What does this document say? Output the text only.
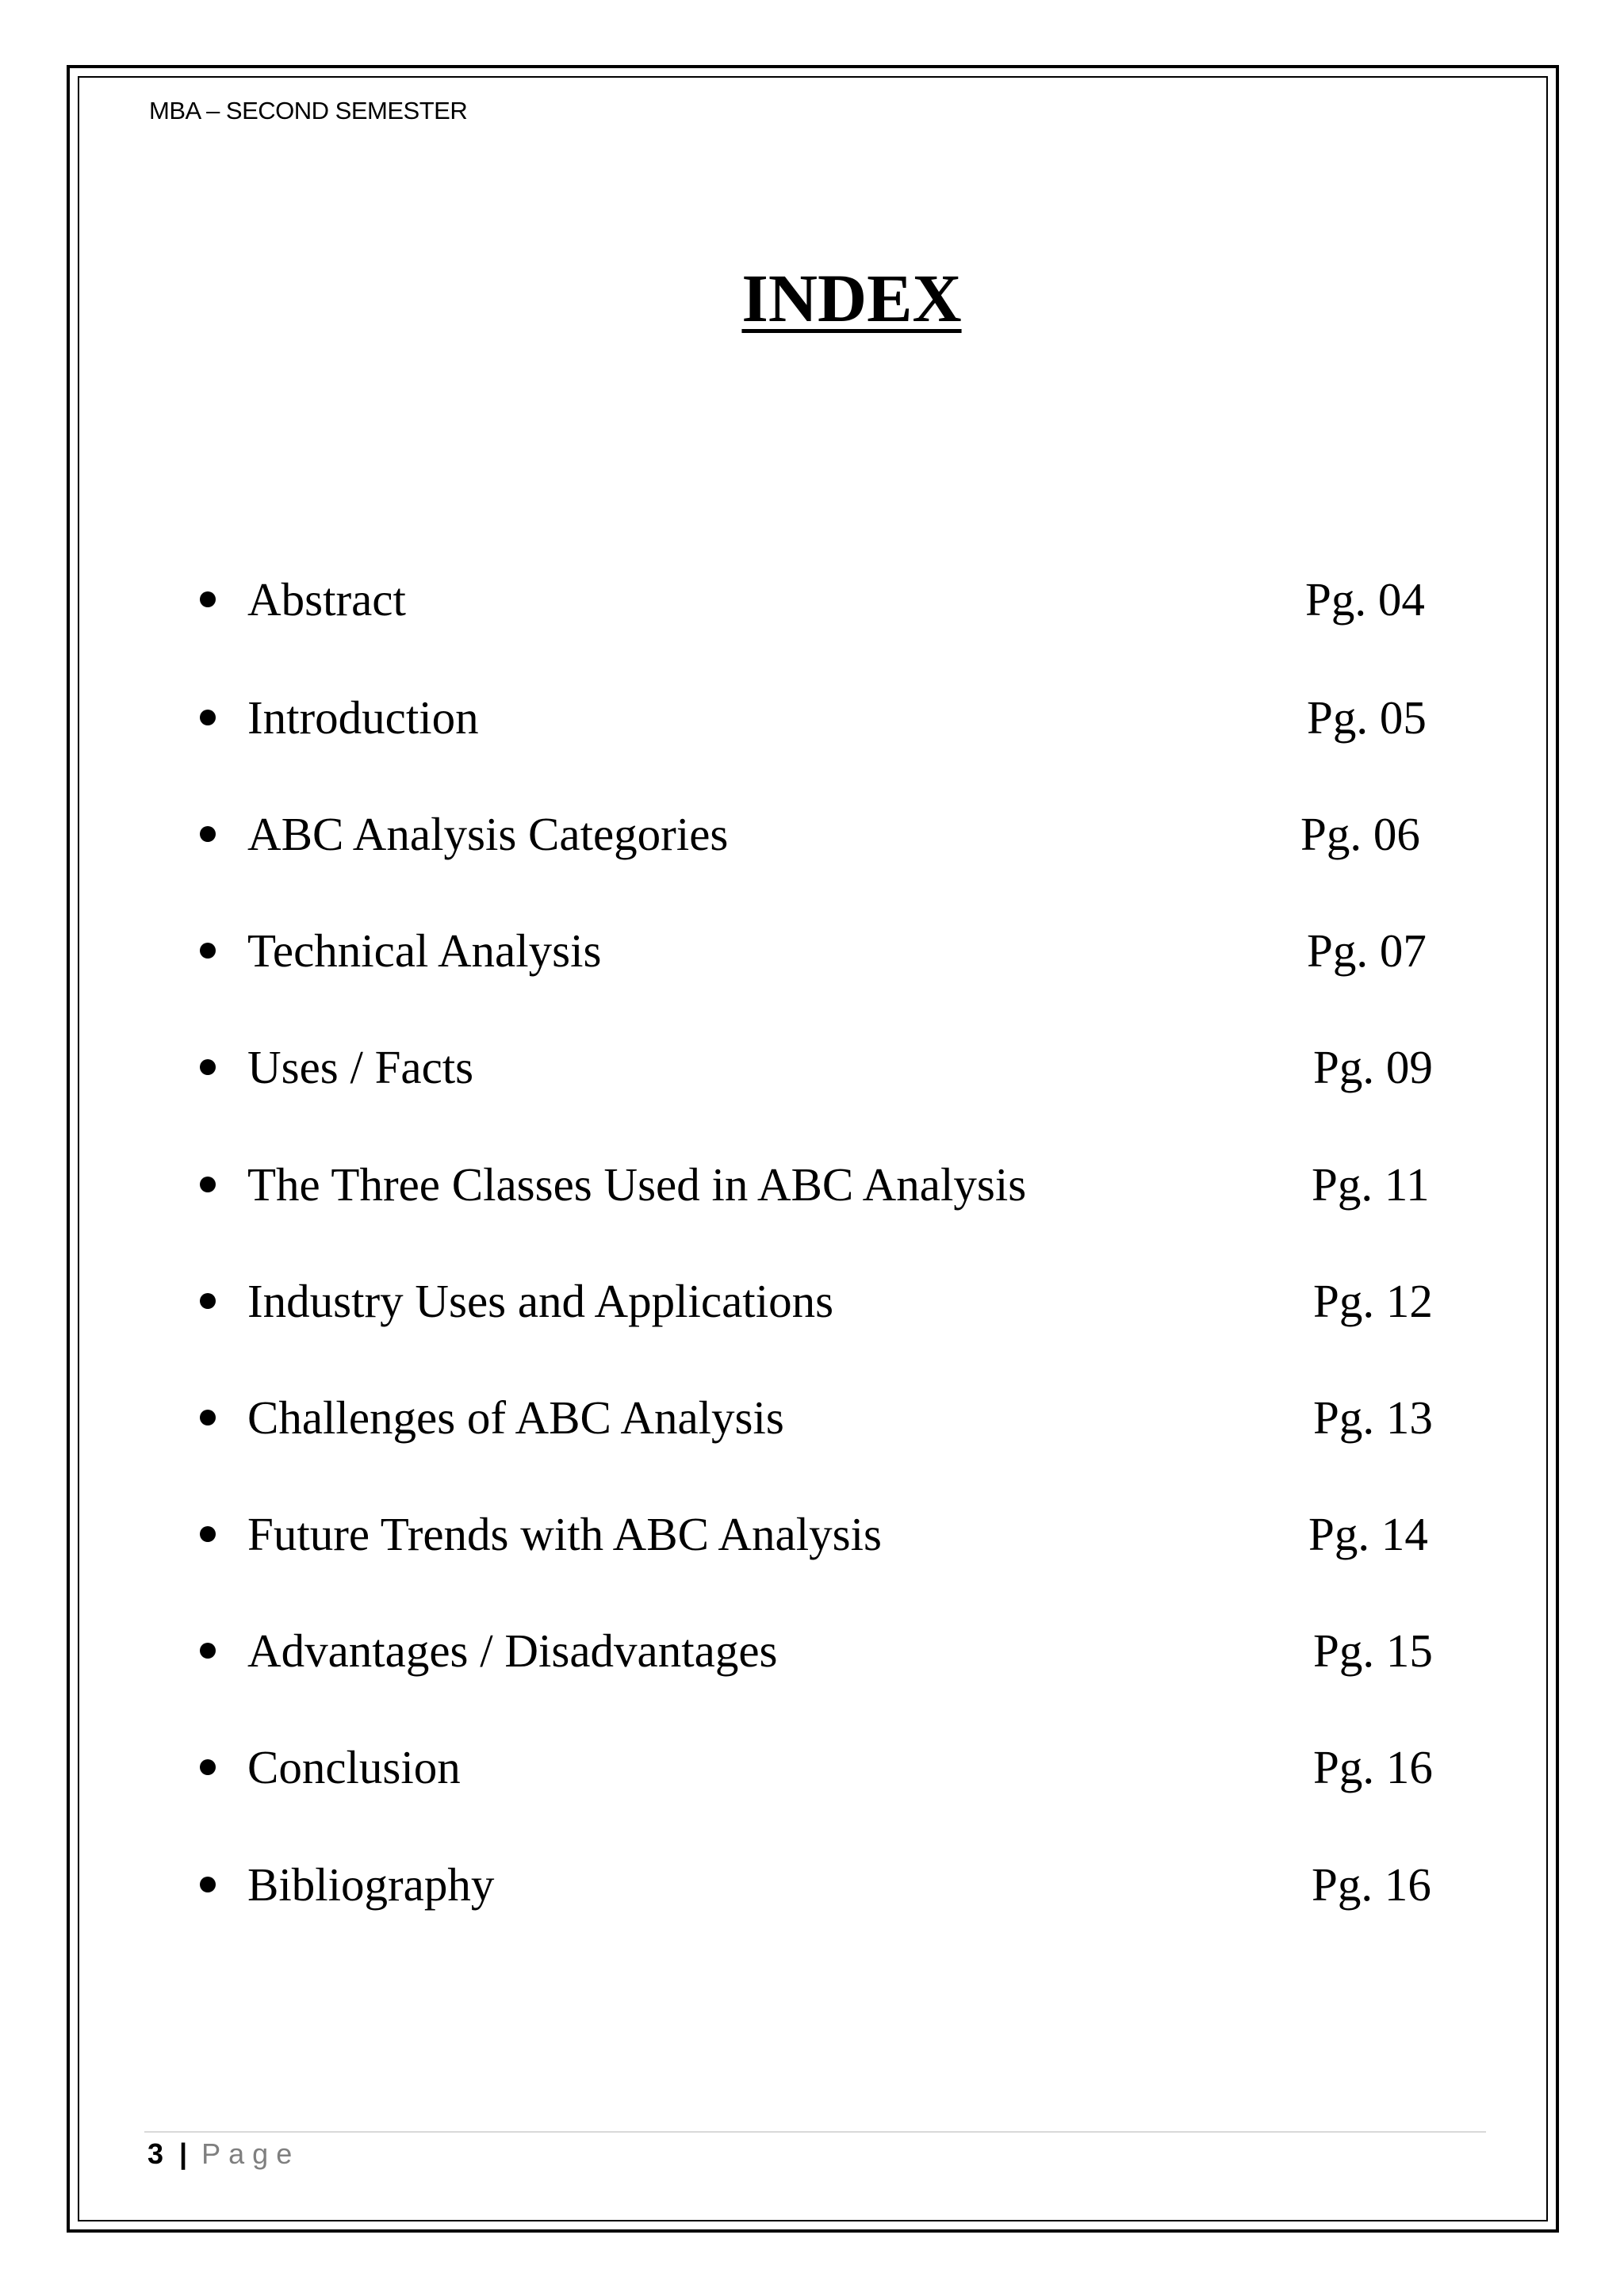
MBA – SECOND SEMESTER
INDEX
Abstract	Pg. 04
Introduction	Pg. 05
ABC Analysis Categories	Pg. 06
Technical Analysis	Pg. 07
Uses / Facts	Pg. 09
The Three Classes Used in ABC Analysis	Pg. 11
Industry Uses and Applications	Pg. 12
Challenges of ABC Analysis	Pg. 13
Future Trends with ABC Analysis	Pg. 14
Advantages / Disadvantages	Pg. 15
Conclusion	Pg. 16
Bibliography	Pg. 16
3 | Page
